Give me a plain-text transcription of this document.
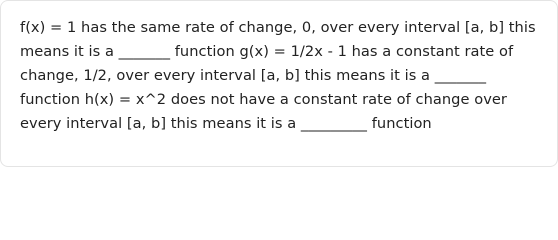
f(x) = 1 has the same rate of change, 0, over every interval [a, b] this means it is a _______ function g(x) = 1/2x - 1 has a constant rate of change, 1/2, over every interval [a, b] this means it is a _______ function h(x) = x^2 does not have a constant rate of change over every interval [a, b] this means it is a _________ function
